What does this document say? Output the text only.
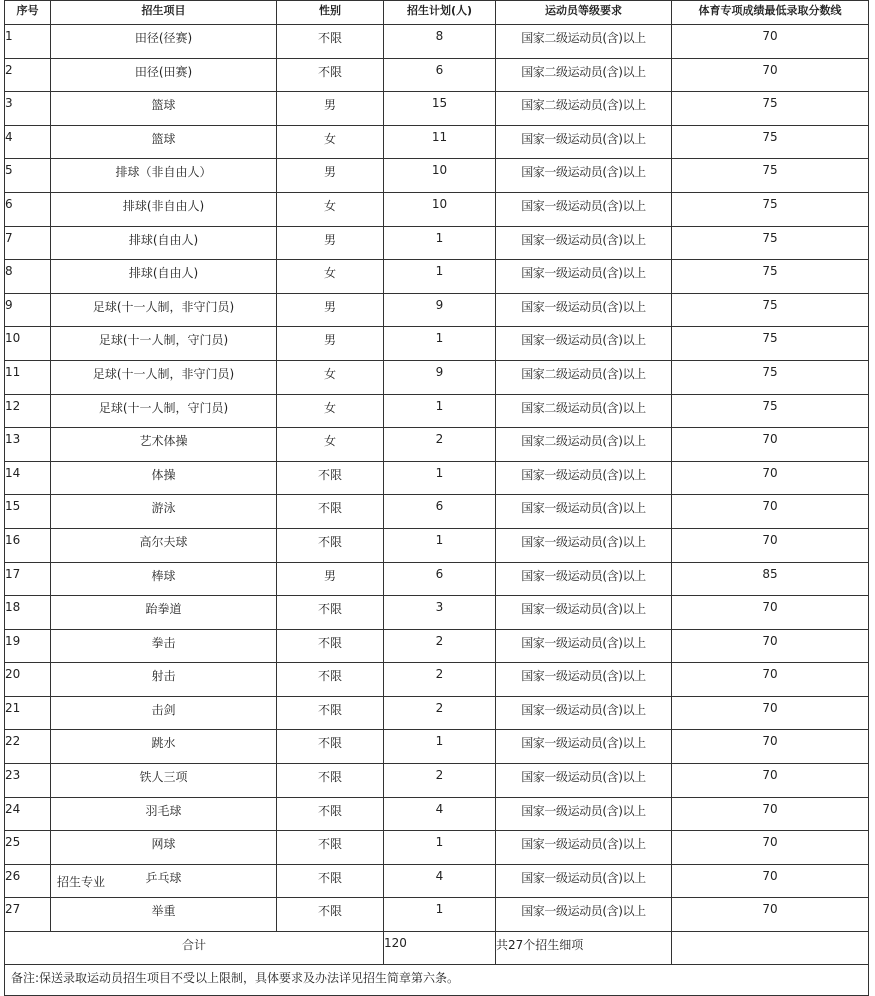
序号	招生项目	性别	招生计划(人)	运动员等级要求	体育专项成绩最低录取分数线
1	田径(径赛)	不限	8	国家二级运动员(含)以上	70
2	田径(田赛)	不限	6	国家二级运动员(含)以上	70
3	篮球	男	15	国家二级运动员(含)以上	75
4	篮球	女	11	国家一级运动员(含)以上	75
5	排球（非自由人）	男	10	国家一级运动员(含)以上	75
6	排球(非自由人)	女	10	国家一级运动员(含)以上	75
7	排球(自由人)	男	1	国家一级运动员(含)以上	75
8	排球(自由人)	女	1	国家一级运动员(含)以上	75
9	足球(十一人制，非守门员)	男	9	国家一级运动员(含)以上	75
10	足球(十一人制，守门员)	男	1	国家一级运动员(含)以上	75
11	足球(十一人制，非守门员)	女	9	国家二级运动员(含)以上	75
12	足球(十一人制，守门员)	女	1	国家二级运动员(含)以上	75
13	艺术体操	女	2	国家二级运动员(含)以上	70
14	体操	不限	1	国家一级运动员(含)以上	70
15	游泳	不限	6	国家一级运动员(含)以上	70
16	高尔夫球	不限	1	国家一级运动员(含)以上	70
17	棒球	男	6	国家一级运动员(含)以上	85
18	跆拳道	不限	3	国家一级运动员(含)以上	70
19	拳击	不限	2	国家一级运动员(含)以上	70
20	射击	不限	2	国家一级运动员(含)以上	70
21	击剑	不限	2	国家一级运动员(含)以上	70
22	跳水	不限	1	国家一级运动员(含)以上	70
23	铁人三项	不限	2	国家一级运动员(含)以上	70
24	羽毛球	不限	4	国家一级运动员(含)以上	70
25	网球	不限	1	国家一级运动员(含)以上	70
26	乒乓球	不限	4	国家一级运动员(含)以上	70
27	举重	不限	1	国家一级运动员(含)以上	70
合计			120	共27个招生细项	
备注:保送录取运动员招生项目不受以上限制，具体要求及办法详见招生简章第六条。					
招生专业
